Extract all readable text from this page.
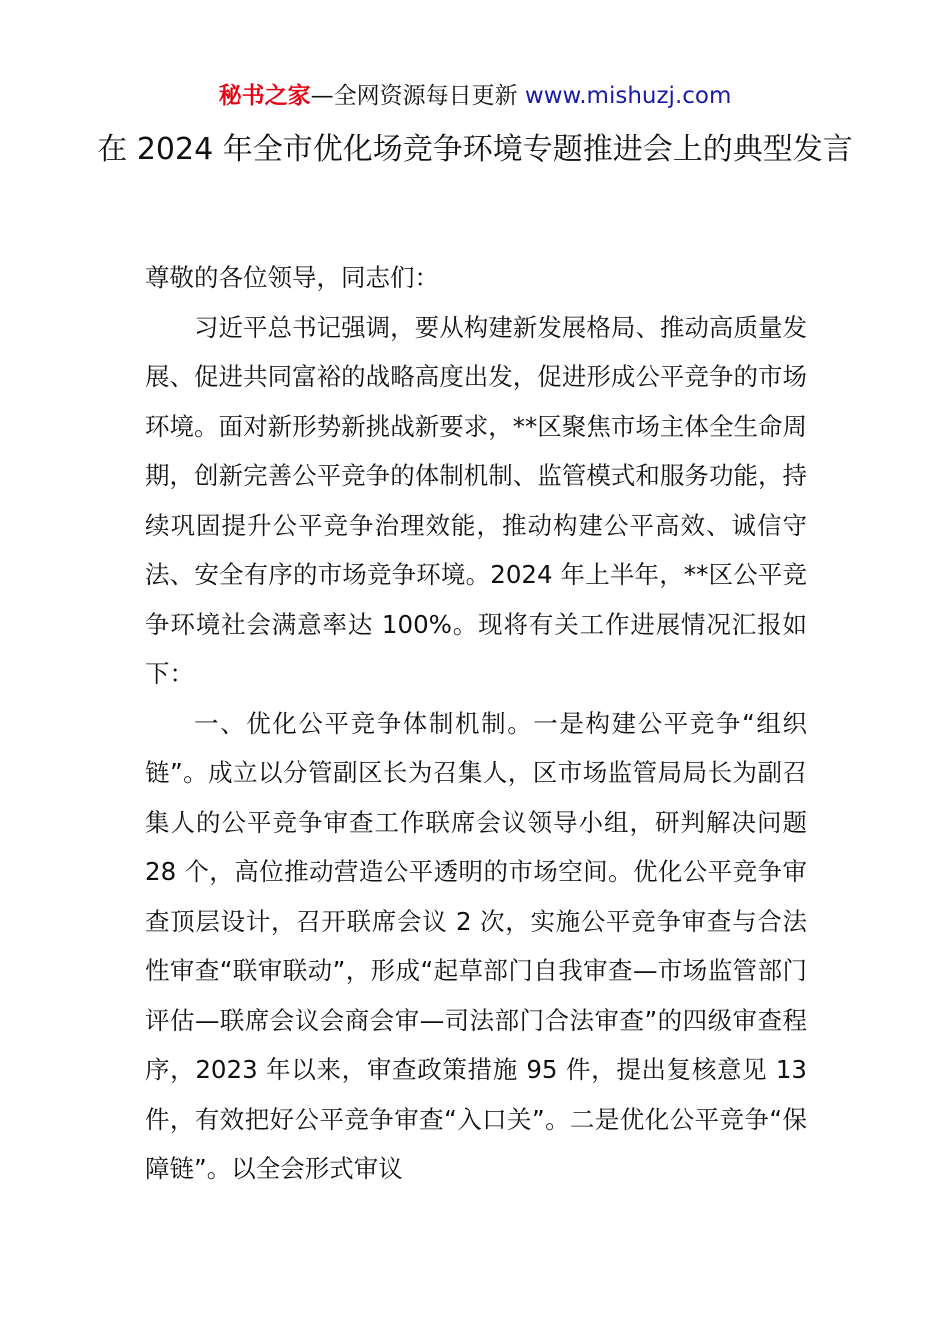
秘书之家—全网资源每日更新 www.mishuzj.com
在 2024 年全市优化场竞争环境专题推进会上的典型发言

尊敬的各位领导，同志们：

习近平总书记强调，要从构建新发展格局、推动高质量发展、促进共同富裕的战略高度出发，促进形成公平竞争的市场环境。面对新形势新挑战新要求，**区聚焦市场主体全生命周期，创新完善公平竞争的体制机制、监管模式和服务功能，持续巩固提升公平竞争治理效能，推动构建公平高效、诚信守法、安全有序的市场竞争环境。2024 年上半年，**区公平竞争环境社会满意率达 100%。现将有关工作进展情况汇报如下：

一、优化公平竞争体制机制。一是构建公平竞争“组织链”。成立以分管副区长为召集人，区市场监管局局长为副召集人的公平竞争审查工作联席会议领导小组，研判解决问题 28 个，高位推动营造公平透明的市场空间。优化公平竞争审查顶层设计，召开联席会议 2 次，实施公平竞争审查与合法性审查“联审联动”，形成“起草部门自我审查—市场监管部门评估—联席会议会商会审—司法部门合法审查”的四级审查程序，2023 年以来，审查政策措施 95 件，提出复核意见 13 件，有效把好公平竞争审查“入口关”。二是优化公平竞争“保障链”。以全会形式审议
